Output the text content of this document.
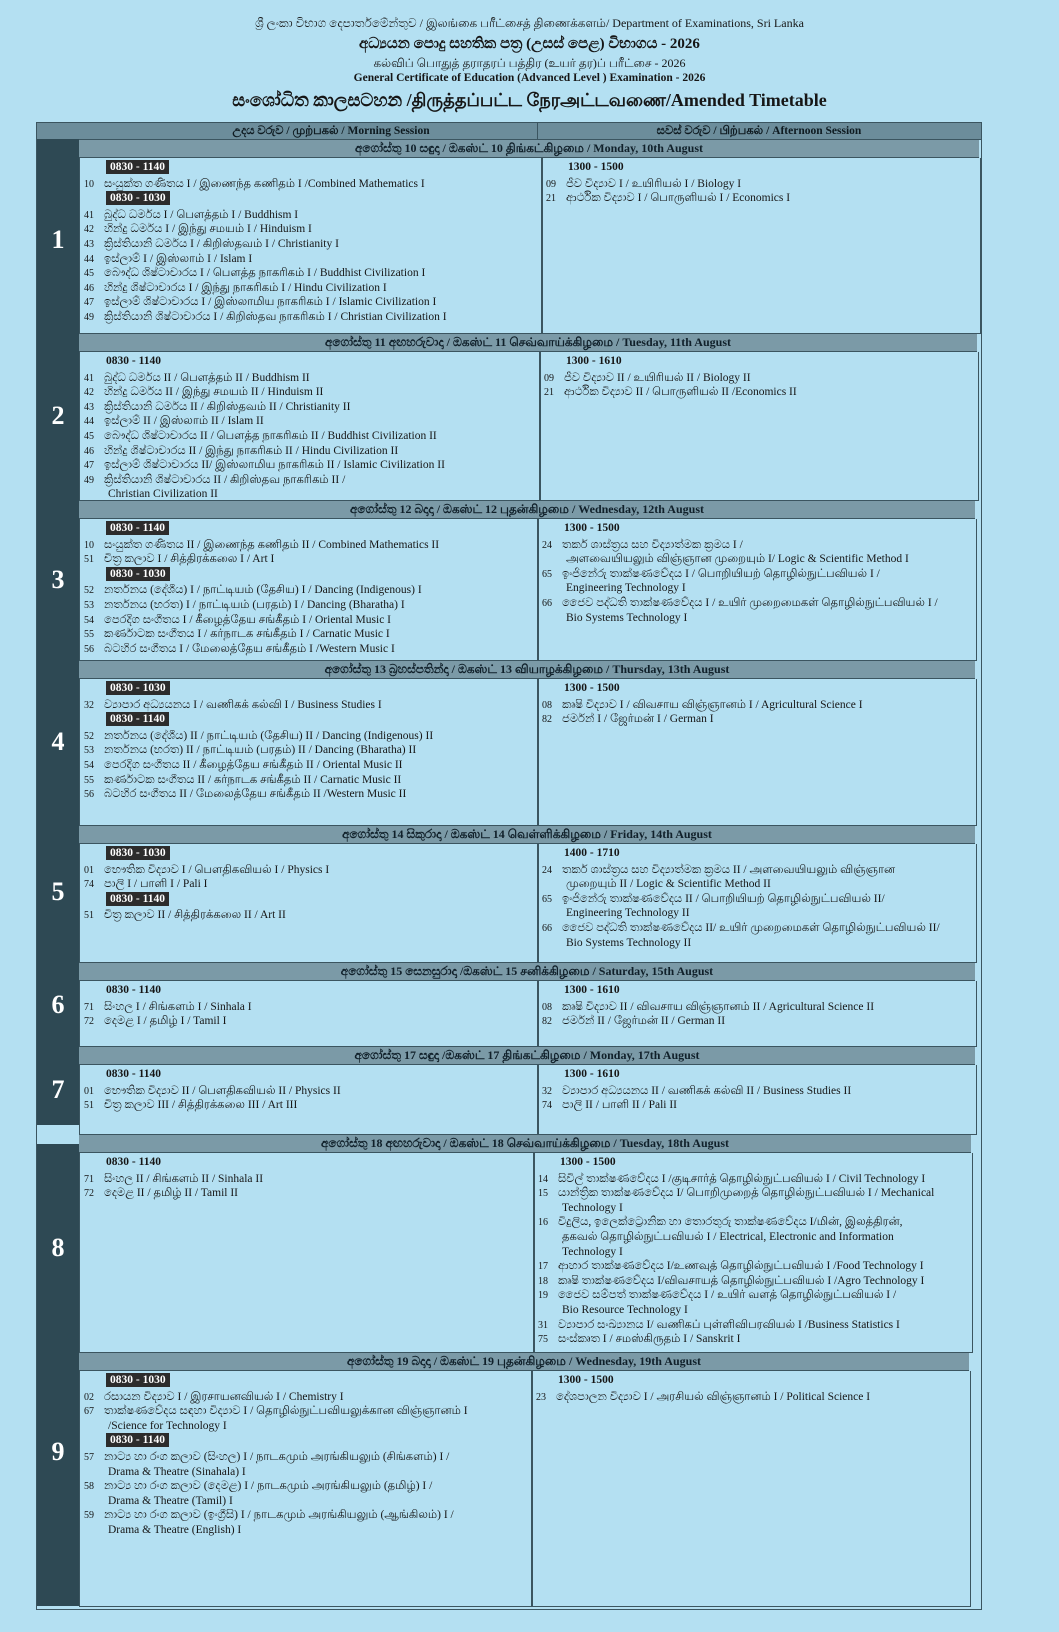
ශ්‍රී ලංකා විභාග දෙපාර්තමේන්තුව / இலங்கை பரீட்சைத் திணைக்களம்/ Department of Examinations, Sri Lanka
අධ්‍යයන පොදු සහතික පත්‍ර (උසස් පෙළ) විභාගය - 2026
கல்விப் பொதுத் தராதரப் பத்திர (உயர் தர)ப் பரீட்சை - 2026
General Certificate of Education (Advanced Level ) Examination - 2026
සංශෝධිත කාලසටහන /திருத்தப்பட்ட நேரஅட்டவணை/Amended Timetable
උදය වරුව / முற்பகல் / Morning Session	සවස් වරුව / பிற்பகல் / Afternoon Session
1
අගෝස්තු 10 සඳුදා / ඔகஸ்ட் 10 திங்கட்கிழமை / Monday, 10th August
0830 - 1140
10 සංයුක්ත ගණිතය I / இணைந்த கணிதம் I /Combined Mathematics I
0830 - 1030
41 බුද්ධ ධර්මය I / பௌத்தம் I / Buddhism I
42 හින්දු ධර්මය I / இந்து சமயம் I / Hinduism I
43 ක්‍රිස්තියානි ධර්මය I / கிறிஸ்தவம் I / Christianity I
44 ඉස්ලාම් I / இஸ்லாம் I / Islam I
45 බෞද්ධ ශිෂ්ටාචාරය I / பௌத்த நாகரிகம் I / Buddhist Civilization I
46 හින්දු ශිෂ්ටාචාරය I / இந்து நாகரிகம் I / Hindu Civilization I
47 ඉස්ලාම් ශිෂ්ටාචාරය I / இஸ்லாமிய நாகரிகம் I / Islamic Civilization I
49 ක්‍රිස්තියානි ශිෂ්ටාචාරය I / கிறிஸ்தவ நாகரிகம் I / Christian Civilization I
1300 - 1500
09 ජීව විද්‍යාව I / உயிரியல் I / Biology I
21 ආර්ථික විද්‍යාව I / பொருளியல் I / Economics I
2
අගෝස්තු 11 අඟහරුවාදා / ඔகஸ்ட் 11 செவ்வாய்க்கிழமை / Tuesday, 11th August
0830 - 1140
41 බුද්ධ ධර්මය II / பௌத்தம் II / Buddhism II
42 හින්දු ධර්මය II / இந்து சமயம் II / Hinduism II
43 ක්‍රිස්තියානි ධර්මය II / கிறிஸ்தவம் II / Christianity II
44 ඉස්ලාම් II / இஸ்லாம் II / Islam II
45 බෞද්ධ ශිෂ්ටාචාරය II / பௌத்த நாகரிகம் II / Buddhist Civilization II
46 හින්දු ශිෂ්ටාචාරය II / இந்து நாகரிகம் II / Hindu Civilization II
47 ඉස්ලාම් ශිෂ්ටාචාරය II/ இஸ்லாமிய நாகரிகம் II / Islamic Civilization II
49 ක්‍රිස්තියානි ශිෂ්ටාචාරය II / கிறிஸ்தவ நாகரிகம் II /
Christian Civilization II
1300 - 1610
09 ජීව විද්‍යාව II / உயிரியல் II / Biology II
21 ආර්ථික විද්‍යාව II / பொருளியல் II /Economics II
3
අගෝස්තු 12 බදාදා / ඔகஸ்ட் 12 புதன்கிழமை / Wednesday, 12th August
0830 - 1140
10 සංයුක්ත ගණිතය II / இணைந்த கணிதம் II / Combined Mathematics II
51 චිත්‍ර කලාව I / சித்திரக்கலை I / Art I
0830 - 1030
52 නර්තනය (දේශීය) I / நாட்டியம் (தேசிய) I / Dancing (Indigenous) I
53 නර්තනය (භරත) I / நாட்டியம் (பரதம்) I / Dancing (Bharatha) I
54 පෙරදිග සංගීතය I / கீழைத்தேய சங்கீதம் I / Oriental Music I
55 කර්ණාටක සංගීතය I / கர்நாடக சங்கீதம் I / Carnatic Music I
56 බටහිර සංගීතය I / மேலைத்தேய சங்கீதம் I /Western Music I
1300 - 1500
24 තර්ක ශාස්ත්‍රය සහ විද්‍යාත්මක ක්‍රමය I /
அளவையியலும் விஞ்ஞான முறையும் I/ Logic & Scientific Method I
65 ඉංජිනේරු තාක්ෂණවේදය I / பொறியியற் தொழில்நுட்பவியல் I /
Engineering Technology I
66 ජෛව පද්ධති තාක්ෂණවේදය I / உயிர் முறைமைகள் தொழில்நுட்பவியல் I /
Bio Systems Technology I
4
අගෝස්තු 13 බ්‍රහස්පතින්දා / ඔகஸ்ட் 13 வியாழக்கிழமை / Thursday, 13th August
0830 - 1030
32 ව්‍යාපාර අධ්‍යයනය I / வணிகக் கல்வி I / Business Studies I
0830 - 1140
52 නර්තනය (දේශීය) II / நாட்டியம் (தேசிய) II / Dancing (Indigenous) II
53 නර්තනය (භරත) II / நாட்டியம் (பரதம்) II / Dancing (Bharatha) II
54 පෙරදිග සංගීතය II / கீழைத்தேய சங்கீதம் II / Oriental Music II
55 කර්ණාටක සංගීතය II / கர்நாடக சங்கீதம் II / Carnatic Music II
56 බටහිර සංගීතය II / மேலைத்தேய சங்கீதம் II /Western Music II
1300 - 1500
08 කෘෂි විද්‍යාව I / விவசாய விஞ்ஞானம் I / Agricultural Science I
82 ජර්මන් I / ஜேர்மன் I / German I
5
අගෝස්තු 14 සිකුරාදා / ඔகஸ்ட் 14 வெள்ளிக்கிழமை / Friday, 14th August
0830 - 1030
01 භෞතික විද්‍යාව I / பௌதிகவியல் I / Physics I
74 පාලි I / பாளி I / Pali I
0830 - 1140
51 චිත්‍ර කලාව II / சித்திரக்கலை II / Art II
1400 - 1710
24 තර්ක ශාස්ත්‍රය සහ විද්‍යාත්මක ක්‍රමය II / அளவையியலும் விஞ்ஞான
முறையும் II / Logic & Scientific Method II
65 ඉංජිනේරු තාක්ෂණවේදය II / பொறியியற் தொழில்நுட்பவியல் II/
Engineering Technology II
66 ජෛව පද්ධති තාක්ෂණවේදය II/ உயிர் முறைமைகள் தொழில்நுட்பவியல் II/
Bio Systems Technology II
6
අගෝස්තු 15 සෙනසුරාදා /ඔகஸ்ட் 15 சனிக்கிழமை / Saturday, 15th August
0830 - 1140
71 සිංහල I / சிங்களம் I / Sinhala I
72 දෙමළ I / தமிழ் I / Tamil I
1300 - 1610
08 කෘෂි විද්‍යාව II / விவசாய விஞ்ஞானம் II / Agricultural Science II
82 ජර්මන් II / ஜேர்மன் II / German II
7
අගෝස්තු 17 සඳුදා /ඔகஸ்ட் 17 திங்கட்கிழமை / Monday, 17th August
0830 - 1140
01 භෞතික විද්‍යාව II / பௌதிகவியல் II / Physics II
51 චිත්‍ර කලාව III / சித்திரக்கலை III / Art III
1300 - 1610
32 ව්‍යාපාර අධ්‍යයනය II / வணிகக் கல்வி II / Business Studies II
74 පාලි II / பாளி II / Pali II
8
අගෝස්තු 18 අඟහරුවාදා / ඔகஸ்ட் 18 செவ்வாய்க்கிழமை / Tuesday, 18th August
0830 - 1140
71 සිංහල II / சிங்களம் II / Sinhala II
72 දෙමළ II / தமிழ் II / Tamil II
1300 - 1500
14 සිවිල් තාක්ෂණවේදය I /குடிசார்த் தொழில்நுட்பவியல் I / Civil Technology I
15 යාන්ත්‍රික තාක්ෂණවේදය I/ பொறிமுறைத் தொழில்நுட்பவியல் I / Mechanical
Technology I
16 විදුලිය, ඉලෙක්ට්‍රොනික හා තොරතුරු තාක්ෂණවේදය I/மின், இலத்திரன்,
தகவல் தொழில்நுட்பவியல் I / Electrical, Electronic and Information
Technology I
17 ආහාර තාක්ෂණවේදය I/உணவுத் தொழில்நுட்பவியல் I /Food Technology I
18 කෘෂි තාක්ෂණවේදය I/விவசாயத் தொழில்நுட்பவியல் I /Agro Technology I
19 ජෛව සම්පත් තාක්ෂණවේදය I / உயிர் வளத் தொழில்நுட்பவியல் I /
Bio Resource Technology I
31 ව්‍යාපාර සංඛ්‍යානය I/ வணிகப் புள்ளிவிபரவியல் I /Business Statistics I
75 සංස්කෘත I / சமஸ்கிருதம் I / Sanskrit I
9
අගෝස්තු 19 බදාදා / ඔகஸ்ட் 19 புதன்கிழமை / Wednesday, 19th August
0830 - 1030
02 රසායන විද්‍යාව I / இரசாயனவியல் I / Chemistry I
67 තාක්ෂණවේදය සඳහා විද්‍යාව I / தொழில்நுட்பவியலுக்கான விஞ்ஞானம் I
/Science for Technology I
0830 - 1140
57 නාට්‍ය හා රංග කලාව (සිංහල) I / நாடகமும் அரங்கியலும் (சிங்களம்) I /
Drama & Theatre (Sinahala) I
58 නාට්‍ය හා රංග කලාව (දෙමළ) I / நாடகமும் அரங்கியலும் (தமிழ்) I /
Drama & Theatre (Tamil) I
59 නාට්‍ය හා රංග කලාව (ඉංග්‍රීසි) I / நாடகமும் அரங்கியலும் (ஆங்கிலம்) I /
Drama & Theatre (English) I
1300 - 1500
23 දේශපාලන විද්‍යාව I / அரசியல் விஞ்ஞானம் I / Political Science I
